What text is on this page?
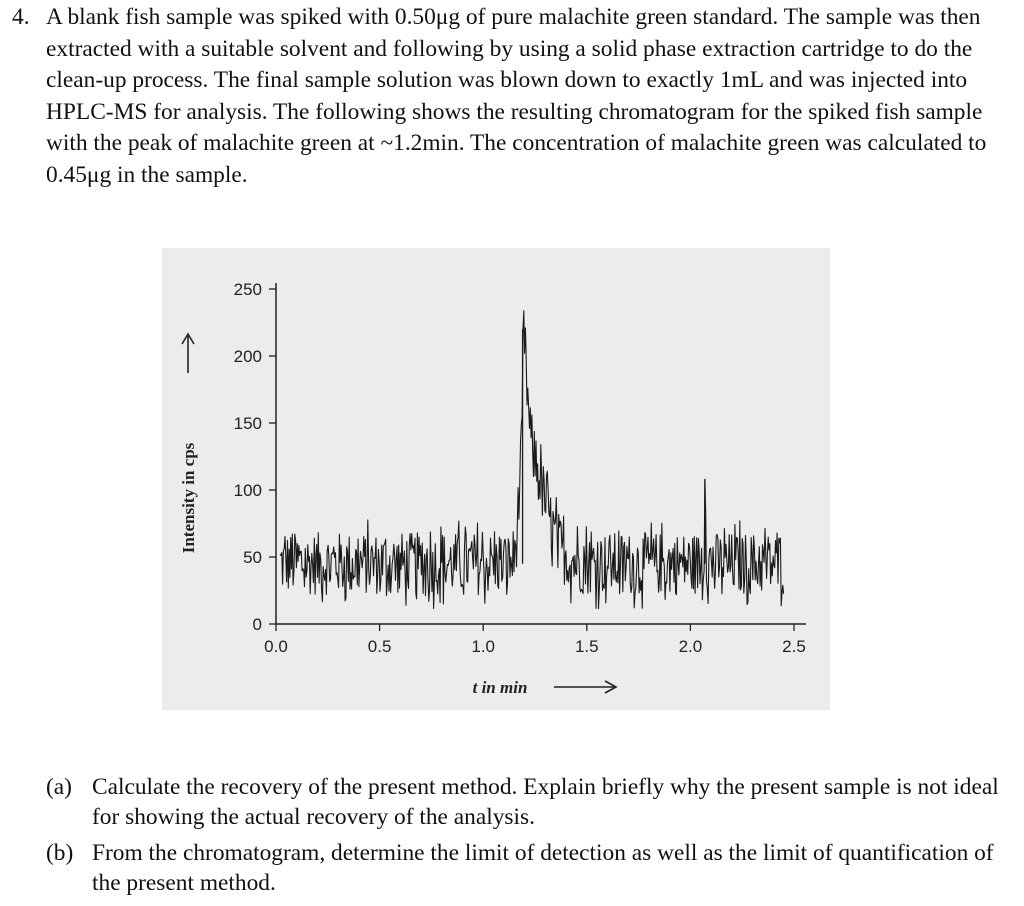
4. A blank fish sample was spiked with 0.50μg of pure malachite green standard. The sample was then extracted with a suitable solvent and following by using a solid phase extraction cartridge to do the clean-up process. The final sample solution was blown down to exactly 1mL and was injected into HPLC-MS for analysis. The following shows the resulting chromatogram for the spiked fish sample with the peak of malachite green at ~1.2min. The concentration of malachite green was calculated to 0.45μg in the sample.
0
50
100
150
200
250
0.0	0.5	1.0	1.5	2.0	2.5
Intensity in cps
t in min
(a) Calculate the recovery of the present method. Explain briefly why the present sample is not ideal for showing the actual recovery of the analysis.
(b) From the chromatogram, determine the limit of detection as well as the limit of quantification of the present method.
